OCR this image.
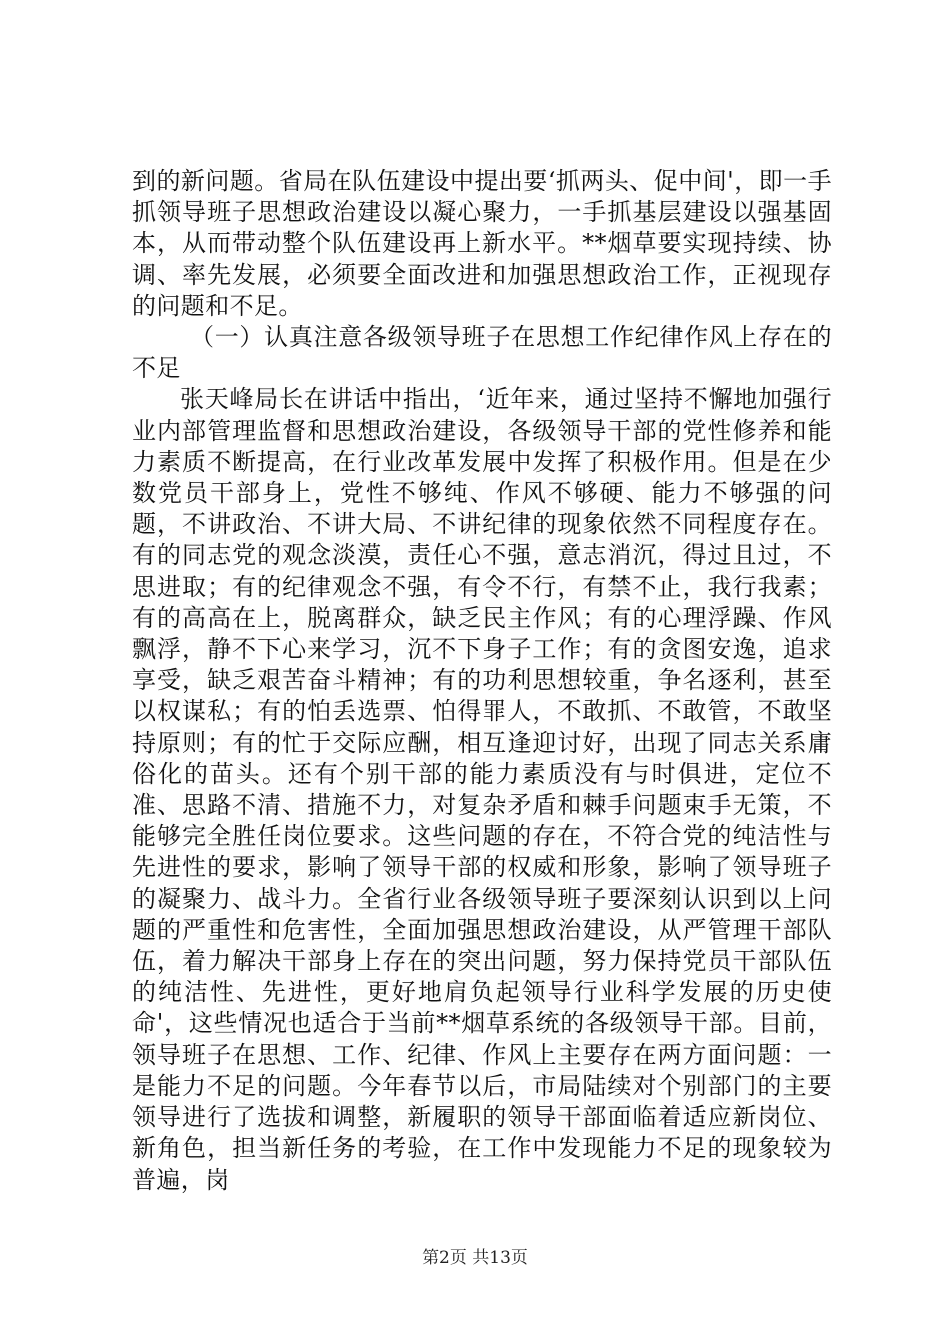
到的新问题。省局在队伍建设中提出要‘抓两头、促中间'，即一手抓领导班子思想政治建设以凝心聚力，一手抓基层建设以强基固本，从而带动整个队伍建设再上新水平。**烟草要实现持续、协调、率先发展，必须要全面改进和加强思想政治工作，正视现存的问题和不足。

（一）认真注意各级领导班子在思想工作纪律作风上存在的不足

张天峰局长在讲话中指出，‘近年来，通过坚持不懈地加强行业内部管理监督和思想政治建设，各级领导干部的党性修养和能力素质不断提高，在行业改革发展中发挥了积极作用。但是在少数党员干部身上，党性不够纯、作风不够硬、能力不够强的问题，不讲政治、不讲大局、不讲纪律的现象依然不同程度存在。有的同志党的观念淡漠，责任心不强，意志消沉，得过且过，不思进取；有的纪律观念不强，有令不行，有禁不止，我行我素；有的高高在上，脱离群众，缺乏民主作风；有的心理浮躁、作风飘浮，静不下心来学习，沉不下身子工作；有的贪图安逸，追求享受，缺乏艰苦奋斗精神；有的功利思想较重，争名逐利，甚至以权谋私；有的怕丢选票、怕得罪人，不敢抓、不敢管，不敢坚持原则；有的忙于交际应酬，相互逢迎讨好，出现了同志关系庸俗化的苗头。还有个别干部的能力素质没有与时俱进，定位不准、思路不清、措施不力，对复杂矛盾和棘手问题束手无策，不能够完全胜任岗位要求。这些问题的存在，不符合党的纯洁性与先进性的要求，影响了领导干部的权威和形象，影响了领导班子的凝聚力、战斗力。全省行业各级领导班子要深刻认识到以上问题的严重性和危害性，全面加强思想政治建设，从严管理干部队伍，着力解决干部身上存在的突出问题，努力保持党员干部队伍的纯洁性、先进性，更好地肩负起领导行业科学发展的历史使命'，这些情况也适合于当前**烟草系统的各级领导干部。目前，领导班子在思想、工作、纪律、作风上主要存在两方面问题：一是能力不足的问题。今年春节以后，市局陆续对个别部门的主要领导进行了选拔和调整，新履职的领导干部面临着适应新岗位、新角色，担当新任务的考验，在工作中发现能力不足的现象较为普遍，岗

第2页 共13页
